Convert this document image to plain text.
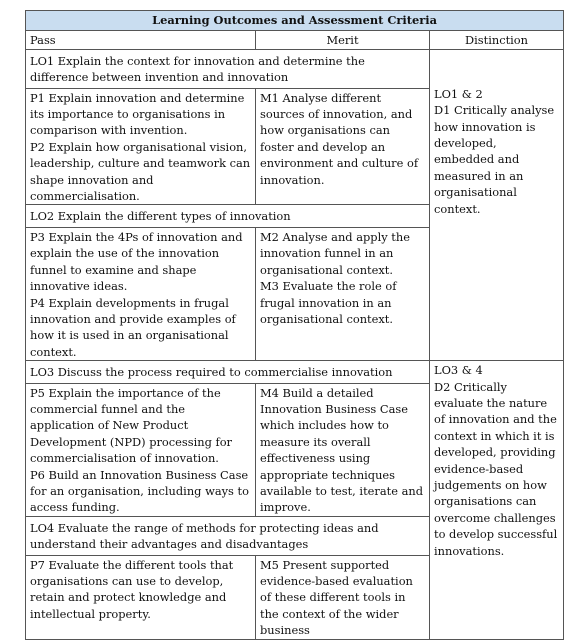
Learning Outcomes and Assessment Criteria		
Pass	Merit	Distinction
LO1 Explain the context for innovation and determine the difference between invention and innovation		LO1 & 2
D1 Critically analyse how innovation is developed, embedded and measured in an organisational context.

P1 Explain innovation and determine its importance to organisations in comparison with invention.
P2 Explain how organisational vision, leadership, culture and teamwork can shape innovation and commercialisation.	M1 Analyse different sources of innovation, and how organisations can foster and develop an environment and culture of innovation.	

LO2 Explain the different types of innovation		

P3 Explain the 4Ps of innovation and explain the use of the innovation funnel to examine and shape innovative ideas.
P4 Explain developments in frugal innovation and provide examples of how it is used in an organisational context.	M2 Analyse and apply the innovation funnel in an organisational context.
M3 Evaluate the role of frugal innovation in an organisational context.	

LO3 Discuss the process required to commercialise innovation		LO3 & 4
D2 Critically evaluate the nature of innovation and the context in which it is developed, providing evidence-based judgements on how organisations can overcome challenges to develop successful innovations.

P5 Explain the importance of the commercial funnel and the application of New Product Development (NPD) processing for commercialisation of innovation.
P6 Build an Innovation Business Case for an organisation, including ways to access funding.	M4 Build a detailed Innovation Business Case which includes how to measure its overall effectiveness using appropriate techniques available to test, iterate and improve.	

LO4 Evaluate the range of methods for protecting ideas and understand their advantages and disadvantages		

P7 Evaluate the different tools that organisations can use to develop, retain and protect knowledge and intellectual property.	M5 Present supported evidence-based evaluation of these different tools in the context of the wider business	
